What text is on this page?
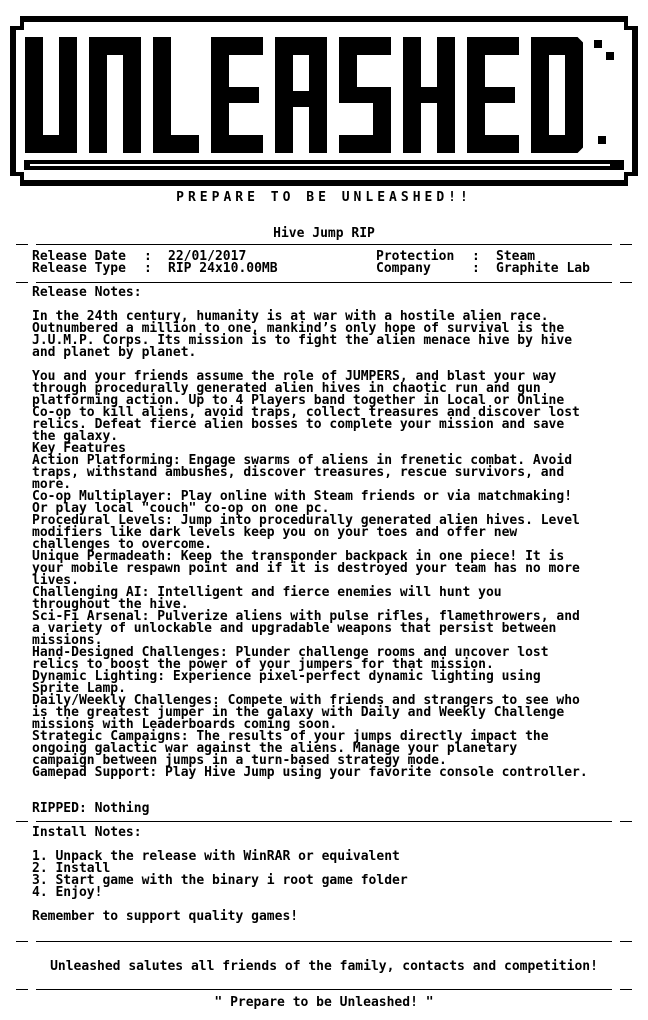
PREPARE TO BE UNLEASHED!!
Hive Jump RIP
Release Date : 22/01/2017	Protection : Steam
Release Type : RIP 24x10.00MB	Company	: Graphite Lab
Release Notes:
In the 24th century, humanity is at war with a hostile alien race.
Outnumbered a million to one, mankind’s only hope of survival is the
J.U.M.P. Corps. Its mission is to fight the alien menace hive by hive
and planet by planet.

You and your friends assume the role of JUMPERS, and blast your way
through procedurally generated alien hives in chaotic run and gun
platforming action. Up to 4 Players band together in Local or Online
Co-op to kill aliens, avoid traps, collect treasures and discover lost
relics. Defeat fierce alien bosses to complete your mission and save
the galaxy.
Key Features
Action Platforming: Engage swarms of aliens in frenetic combat. Avoid
traps, withstand ambushes, discover treasures, rescue survivors, and
more.
Co-op Multiplayer: Play online with Steam friends or via matchmaking!
Or play local "couch" co-op on one pc.
Procedural Levels: Jump into procedurally generated alien hives. Level
modifiers like dark levels keep you on your toes and offer new
challenges to overcome.
Unique Permadeath: Keep the transponder backpack in one piece! It is
your mobile respawn point and if it is destroyed your team has no more
lives.
Challenging AI: Intelligent and fierce enemies will hunt you
throughout the hive.
Sci-Fi Arsenal: Pulverize aliens with pulse rifles, flamethrowers, and
a variety of unlockable and upgradable weapons that persist between
missions.
Hand-Designed Challenges: Plunder challenge rooms and uncover lost
relics to boost the power of your jumpers for that mission.
Dynamic Lighting: Experience pixel-perfect dynamic lighting using
Sprite Lamp.
Daily/Weekly Challenges: Compete with friends and strangers to see who
is the greatest jumper in the galaxy with Daily and Weekly Challenge
missions with Leaderboards coming soon.
Strategic Campaigns: The results of your jumps directly impact the
ongoing galactic war against the aliens. Manage your planetary
campaign between jumps in a turn-based strategy mode.
Gamepad Support: Play Hive Jump using your favorite console controller.
RIPPED: Nothing
Install Notes:
1. Unpack the release with WinRAR or equivalent
2. Install
3. Start game with the binary i root game folder
4. Enjoy!
Remember to support quality games!
Unleashed salutes all friends of the family, contacts and competition!
" Prepare to be Unleashed! "
